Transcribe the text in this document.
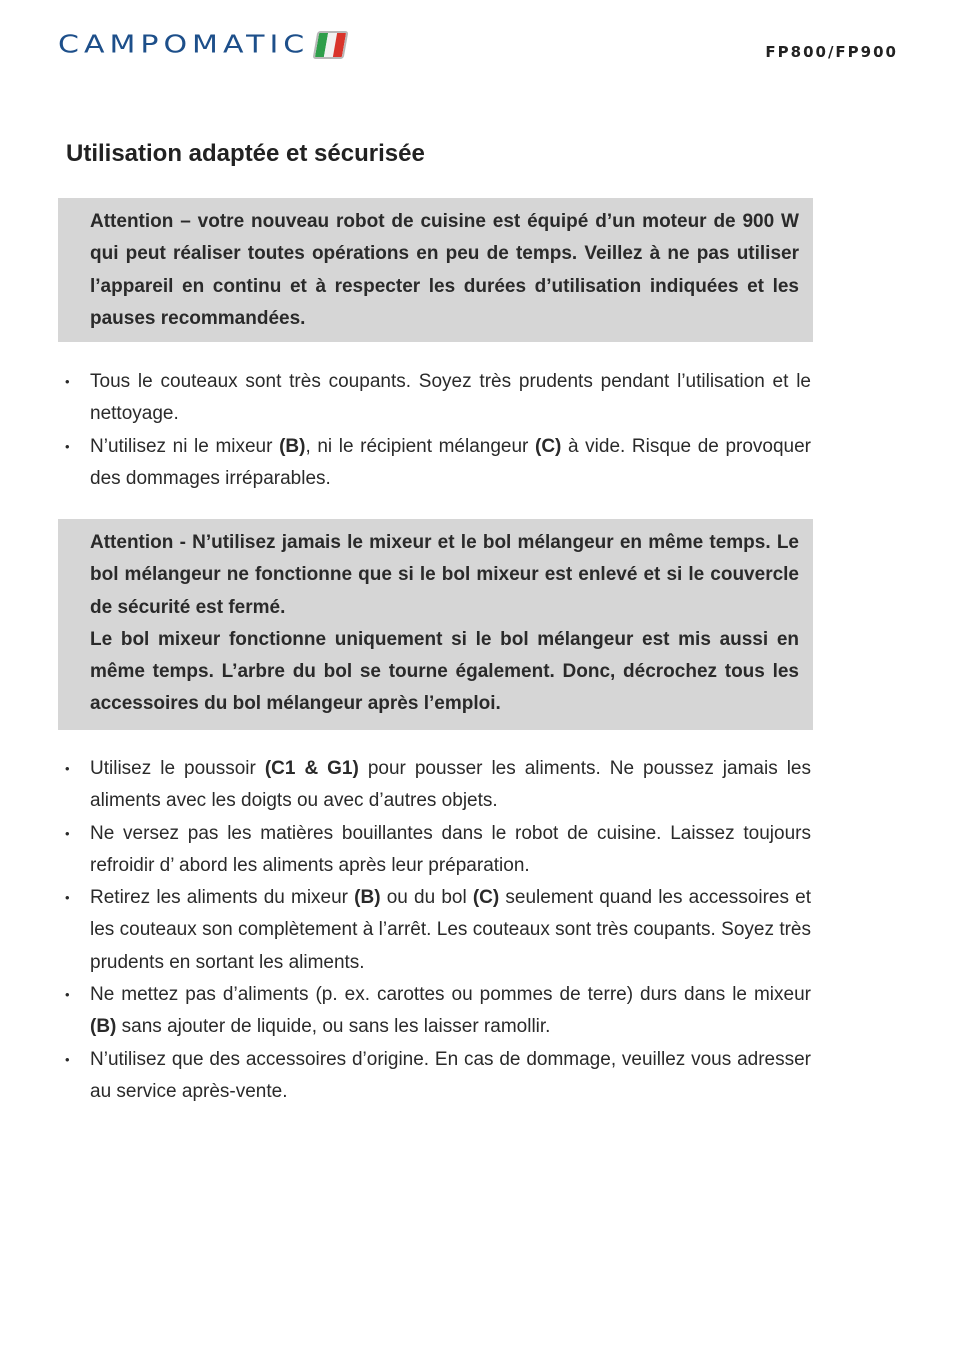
CAMPOMATIC	FP800/FP900
Utilisation adaptée et sécurisée

Attention – votre nouveau robot de cuisine est équipé d’un moteur de 900 W qui peut réaliser toutes opérations en peu de temps. Veillez à ne pas utiliser l’appareil en continu et à respecter les durées d’utilisation indiquées et les pauses recommandées.

• Tous le couteaux sont très coupants. Soyez très prudents pendant l’utilisation et le nettoyage.
• N’utilisez ni le mixeur (B), ni le récipient mélangeur (C) à vide. Risque de provoquer des dommages irréparables.

Attention - N’utilisez jamais le mixeur et le bol mélangeur en même temps. Le bol mélangeur ne fonctionne que si le bol mixeur est enlevé et si le couvercle de sécurité est fermé.

Le bol mixeur fonctionne uniquement si le bol mélangeur est mis aussi en même temps. L’arbre du bol se tourne également. Donc, décrochez tous les accessoires du bol mélangeur après l’emploi.

• Utilisez le poussoir (C1 & G1) pour pousser les aliments. Ne poussez jamais les aliments avec les doigts ou avec d’autres objets.
• Ne versez pas les matières bouillantes dans le robot de cuisine. Laissez toujours refroidir d’ abord les aliments après leur préparation.
• Retirez les aliments du mixeur (B) ou du bol (C) seulement quand les accessoires et les couteaux son complètement à l’arrêt. Les couteaux sont très coupants. Soyez très prudents en sortant les aliments.
• Ne mettez pas d’aliments (p. ex. carottes ou pommes de terre) durs dans le mixeur (B) sans ajouter de liquide, ou sans les laisser ramollir.
• N’utilisez que des accessoires d’origine. En cas de dommage, veuillez vous adresser au service après-vente.
